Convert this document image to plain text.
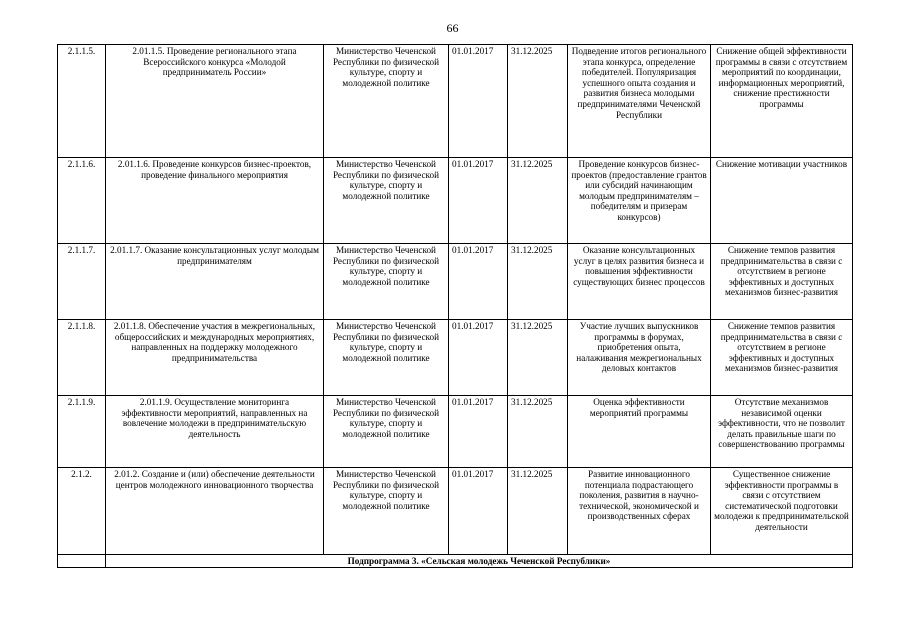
66
2.1.1.5.	2.01.1.5. Проведение регионального этапа Всероссийского конкурса «Молодой предприниматель России»	Министерство Чеченской Республики по физической культуре, спорту и молодежной политике	01.01.2017	31.12.2025	Подведение итогов регионального этапа конкурса, определение победителей. Популяризация успешного опыта создания и развития бизнеса молодыми предпринимателями Чеченской Республики	Снижение общей эффективности программы в связи с отсутствием мероприятий по координации, информационных мероприятий, снижение престижности программы
2.1.1.6.	2.01.1.6. Проведение конкурсов бизнес-проектов, проведение финального мероприятия	Министерство Чеченской Республики по физической культуре, спорту и молодежной политике	01.01.2017	31.12.2025	Проведение конкурсов бизнес-проектов (предоставление грантов или субсидий начинающим молодым предпринимателям – победителям и призерам конкурсов)	Снижение мотивации участников
2.1.1.7.	2.01.1.7. Оказание консультационных услуг молодым предпринимателям	Министерство Чеченской Республики по физической культуре, спорту и молодежной политике	01.01.2017	31.12.2025	Оказание консультационных услуг в целях развития бизнеса и повышения эффективности существующих бизнес процессов	Снижение темпов развития предпринимательства в связи с отсутствием в регионе эффективных и доступных механизмов бизнес-развития
2.1.1.8.	2.01.1.8. Обеспечение участия в межрегиональных, общероссийских и международных мероприятиях, направленных на поддержку молодежного предпринимательства	Министерство Чеченской Республики по физической культуре, спорту и молодежной политике	01.01.2017	31.12.2025	Участие лучших выпускников программы в форумах, приобретения опыта, налаживания межрегиональных деловых контактов	Снижение темпов развития предпринимательства в связи с отсутствием в регионе эффективных и доступных механизмов бизнес-развития
2.1.1.9.	2.01.1.9. Осуществление мониторинга эффективности мероприятий, направленных на вовлечение молодежи в предпринимательскую деятельность	Министерство Чеченской Республики по физической культуре, спорту и молодежной политике	01.01.2017	31.12.2025	Оценка эффективности мероприятий программы	Отсутствие механизмов независимой оценки эффективности, что не позволит делать правильные шаги по совершенствованию программы
2.1.2.	2.01.2. Создание и (или) обеспечение деятельности центров молодежного инновационного творчества	Министерство Чеченской Республики по физической культуре, спорту и молодежной политике	01.01.2017	31.12.2025	Развитие инновационного потенциала подрастающего поколения, развития в научно-технической, экономической и производственных сферах	Существенное снижение эффективности программы в связи с отсутствием систематической подготовки молодежи к предпринимательской деятельности
	Подпрограмма 3. «Сельская молодежь Чеченской Республики»					
